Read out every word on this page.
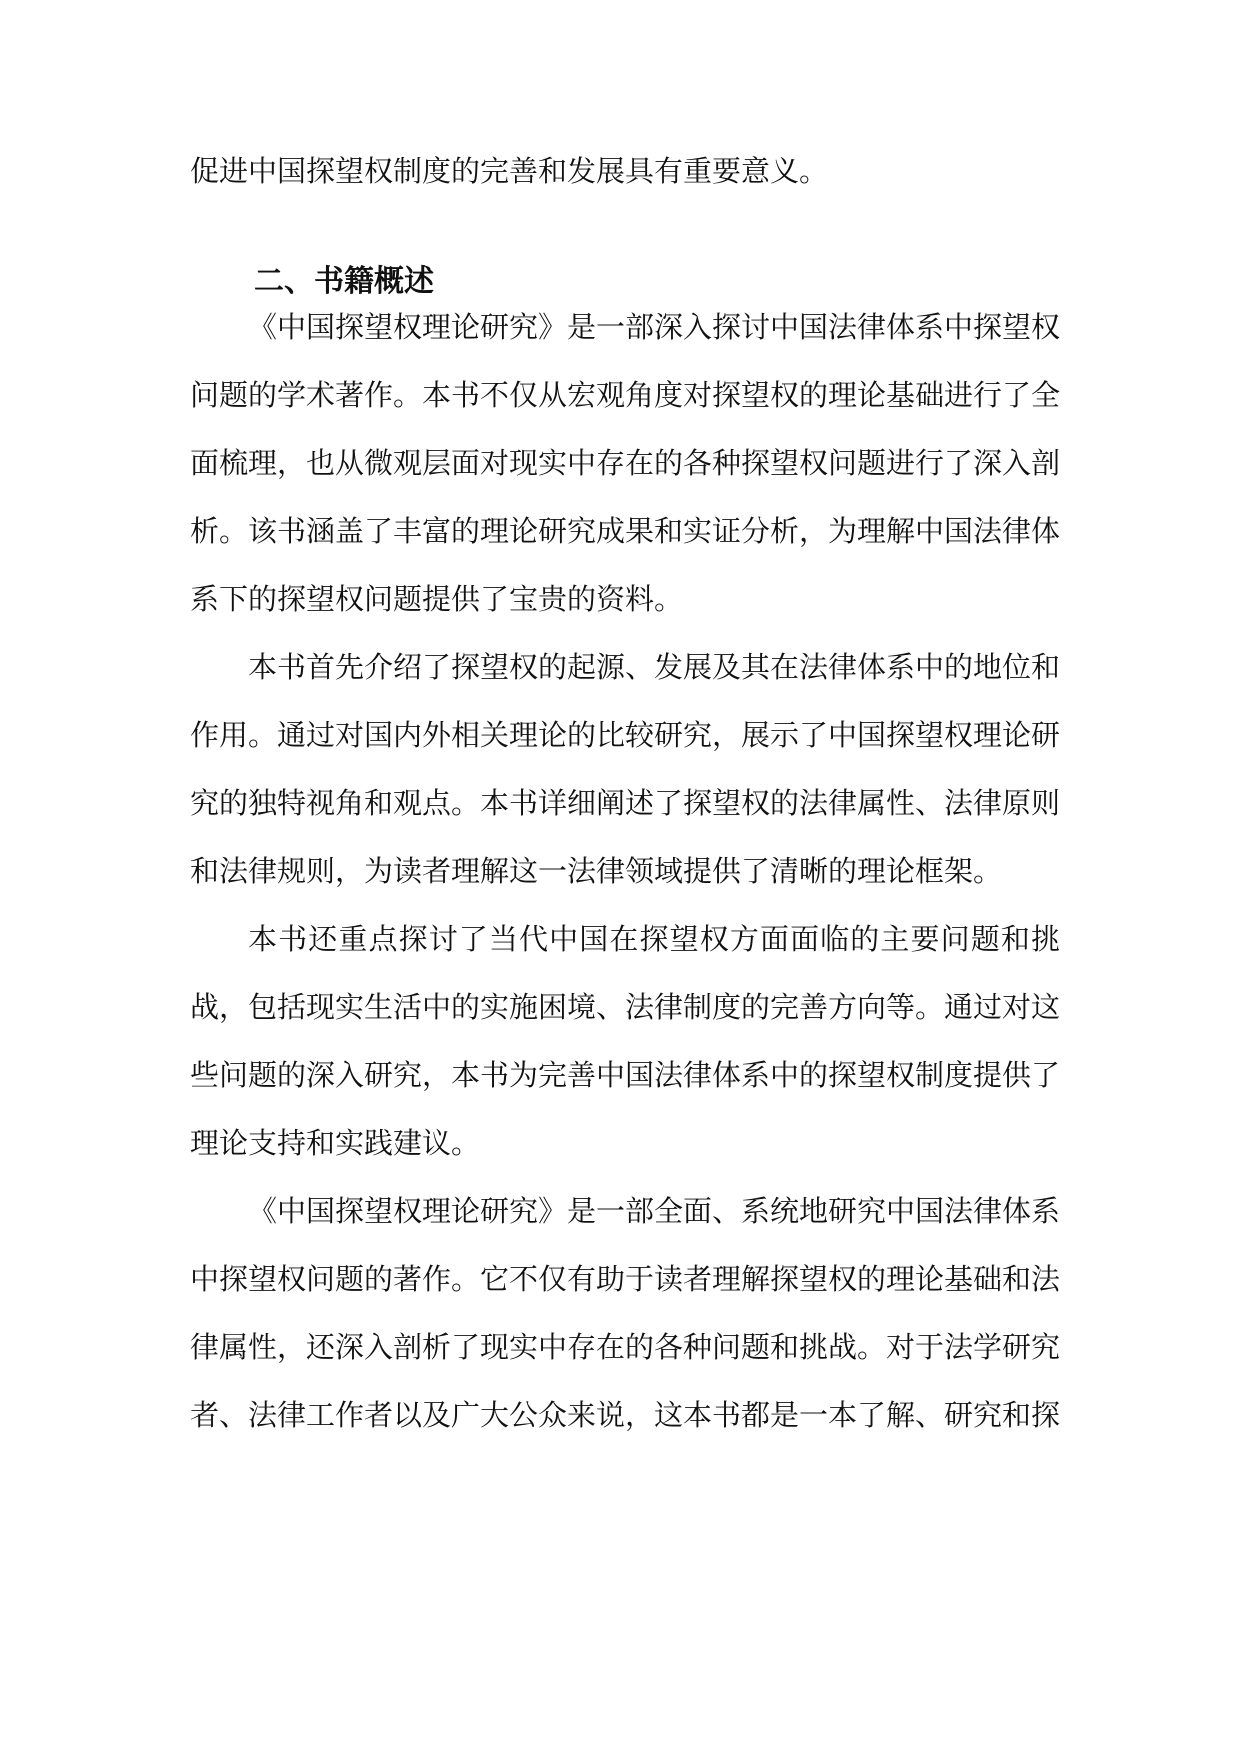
促进中国探望权制度的完善和发展具有重要意义。
二、书籍概述
《中国探望权理论研究》是一部深入探讨中国法律体系中探望权
问题的学术著作。本书不仅从宏观角度对探望权的理论基础进行了全
面梳理，也从微观层面对现实中存在的各种探望权问题进行了深入剖
析。该书涵盖了丰富的理论研究成果和实证分析，为理解中国法律体
系下的探望权问题提供了宝贵的资料。
本书首先介绍了探望权的起源、发展及其在法律体系中的地位和
作用。通过对国内外相关理论的比较研究，展示了中国探望权理论研
究的独特视角和观点。本书详细阐述了探望权的法律属性、法律原则
和法律规则，为读者理解这一法律领域提供了清晰的理论框架。
本书还重点探讨了当代中国在探望权方面面临的主要问题和挑
战，包括现实生活中的实施困境、法律制度的完善方向等。通过对这
些问题的深入研究，本书为完善中国法律体系中的探望权制度提供了
理论支持和实践建议。
《中国探望权理论研究》是一部全面、系统地研究中国法律体系
中探望权问题的著作。它不仅有助于读者理解探望权的理论基础和法
律属性，还深入剖析了现实中存在的各种问题和挑战。对于法学研究
者、法律工作者以及广大公众来说，这本书都是一本了解、研究和探
